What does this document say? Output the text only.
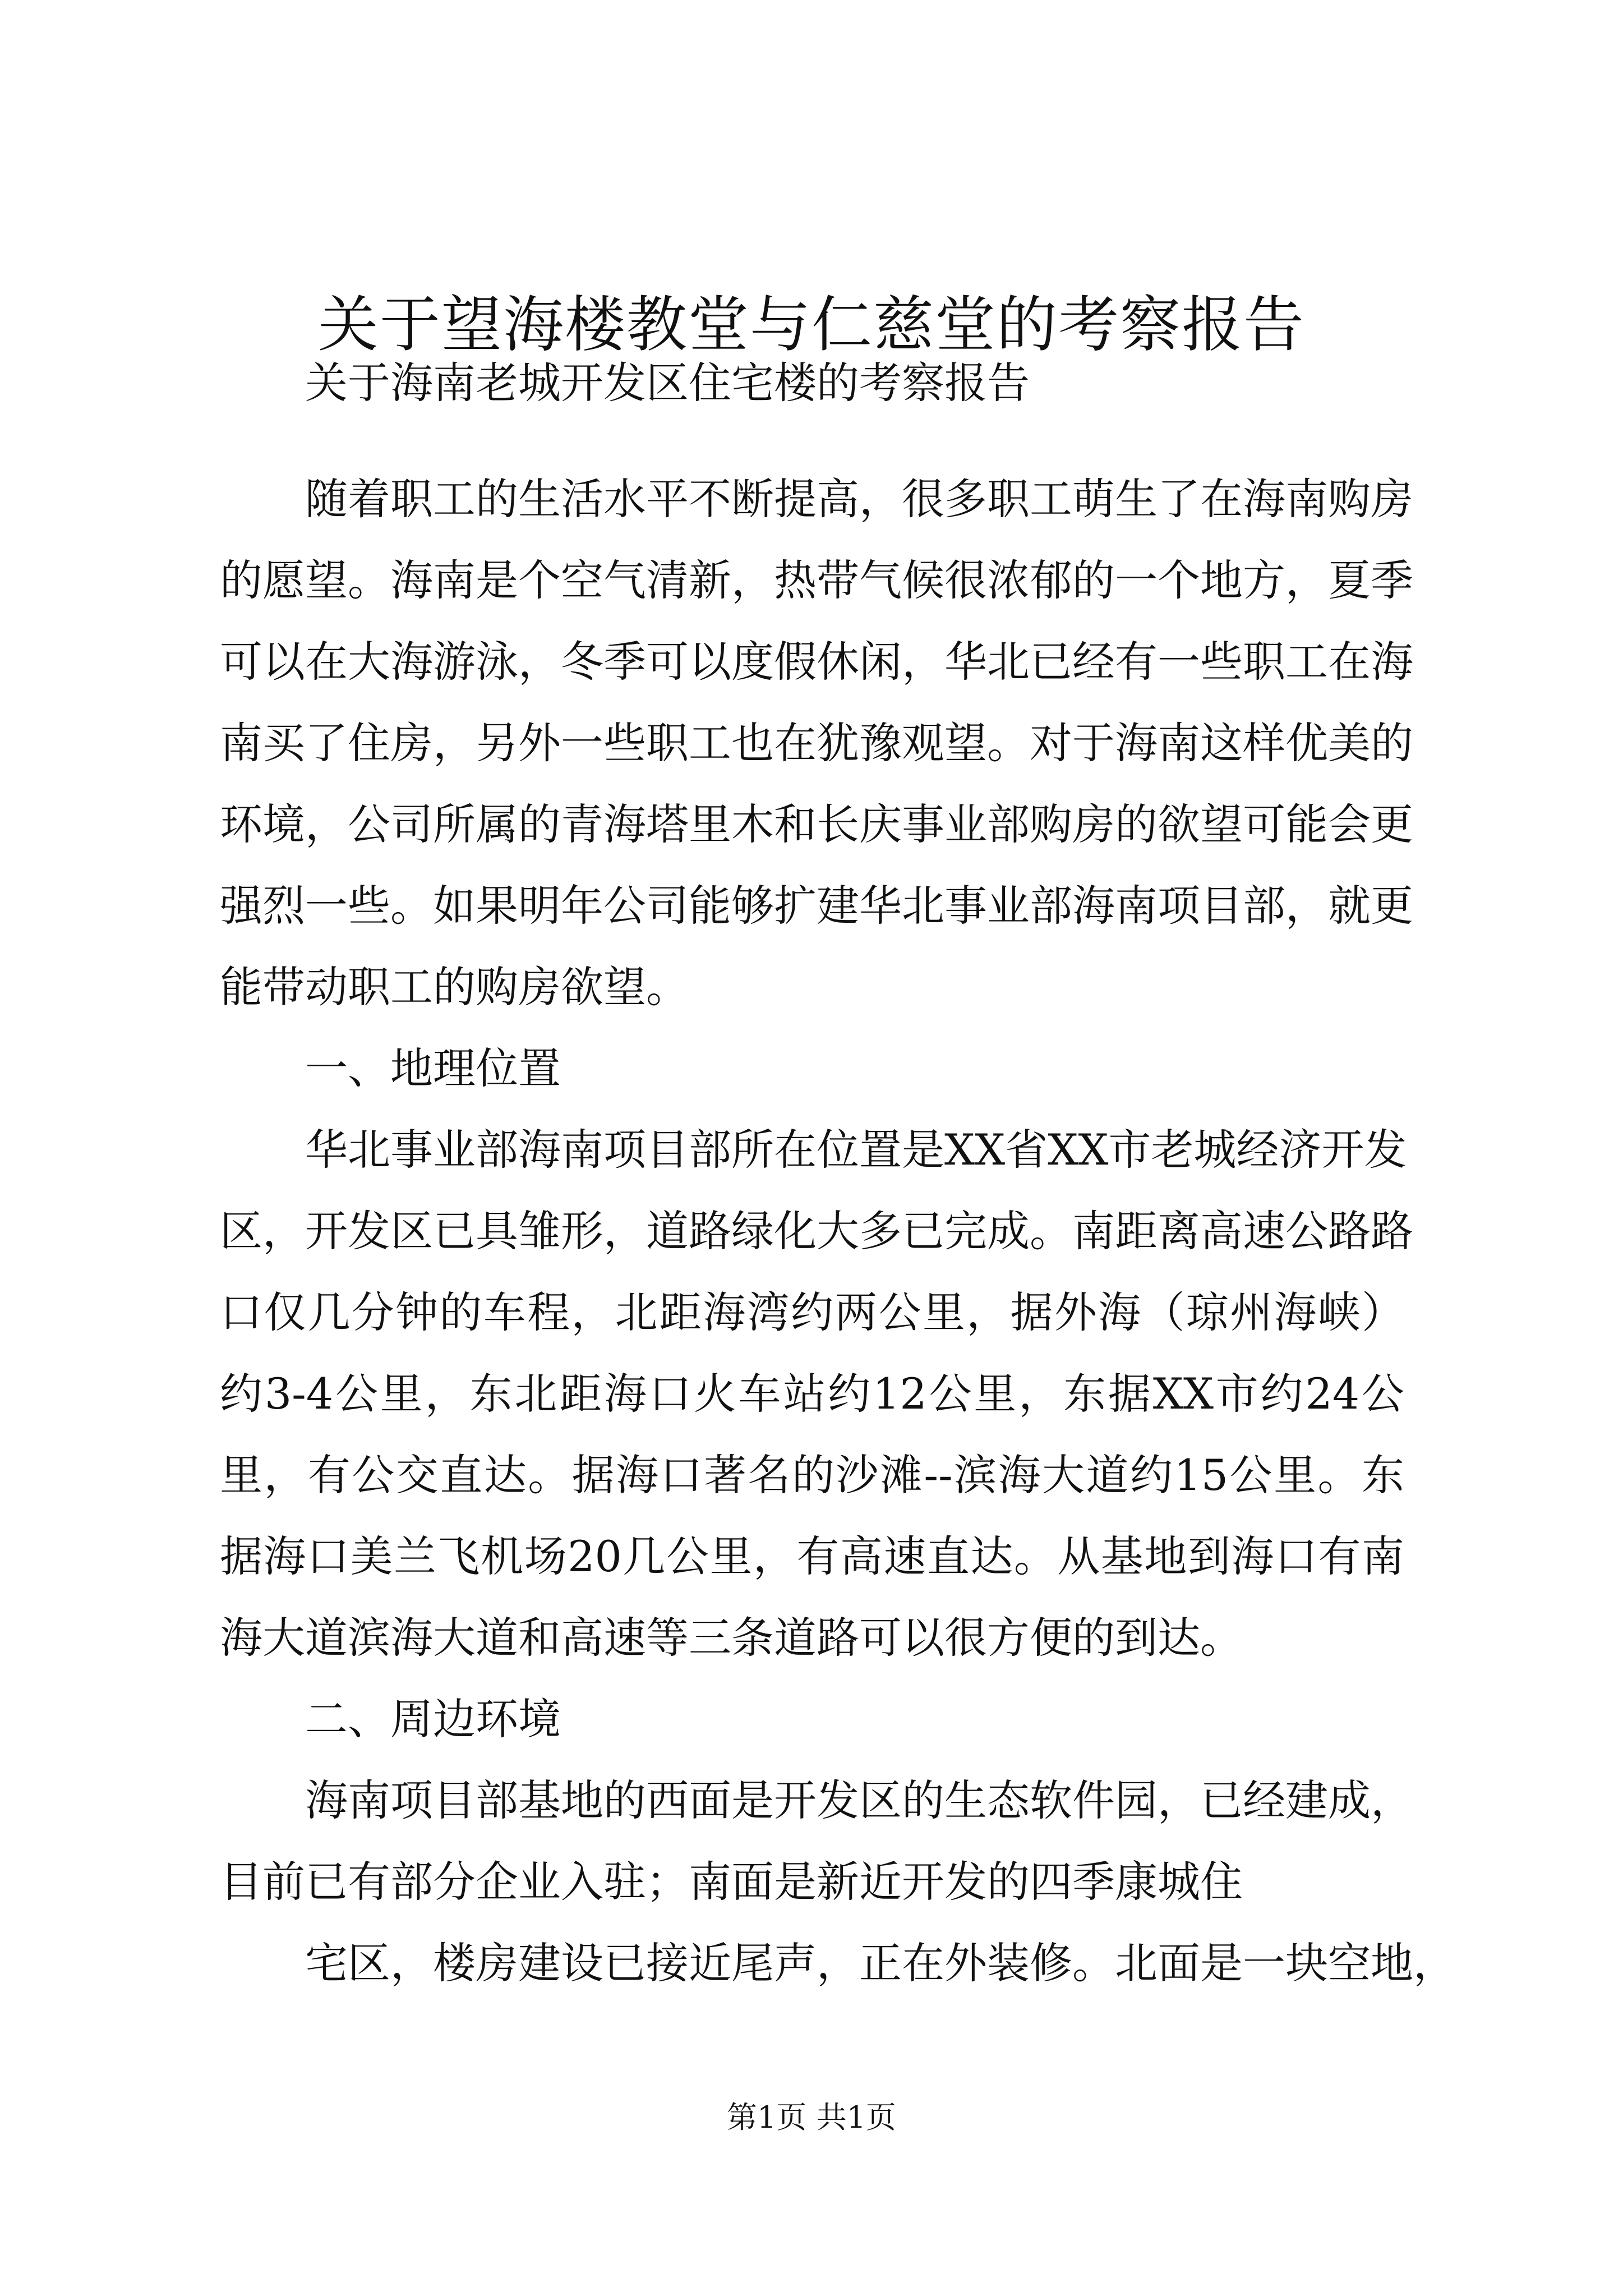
关于望海楼教堂与仁慈堂的考察报告

关于海南老城开发区住宅楼的考察报告

随着职工的生活水平不断提高，很多职工萌生了在海南购房

的愿望。海南是个空气清新，热带气候很浓郁的一个地方，夏季

可以在大海游泳，冬季可以度假休闲，华北已经有一些职工在海

南买了住房，另外一些职工也在犹豫观望。对于海南这样优美的

环境，公司所属的青海塔里木和长庆事业部购房的欲望可能会更

强烈一些。如果明年公司能够扩建华北事业部海南项目部，就更

能带动职工的购房欲望。

一、地理位置

华北事业部海南项目部所在位置是XX省XX市老城经济开发

区，开发区已具雏形，道路绿化大多已完成。南距离高速公路路

口仅几分钟的车程，北距海湾约两公里，据外海（琼州海峡）

约3-4公里，东北距海口火车站约12公里，东据XX市约24公

里，有公交直达。据海口著名的沙滩--滨海大道约15公里。东

据海口美兰飞机场20几公里，有高速直达。从基地到海口有南

海大道滨海大道和高速等三条道路可以很方便的到达。

二、周边环境

海南项目部基地的西面是开发区的生态软件园，已经建成，

目前已有部分企业入驻；南面是新近开发的四季康城住

宅区，楼房建设已接近尾声，正在外装修。北面是一块空地，

第1页 共1页
